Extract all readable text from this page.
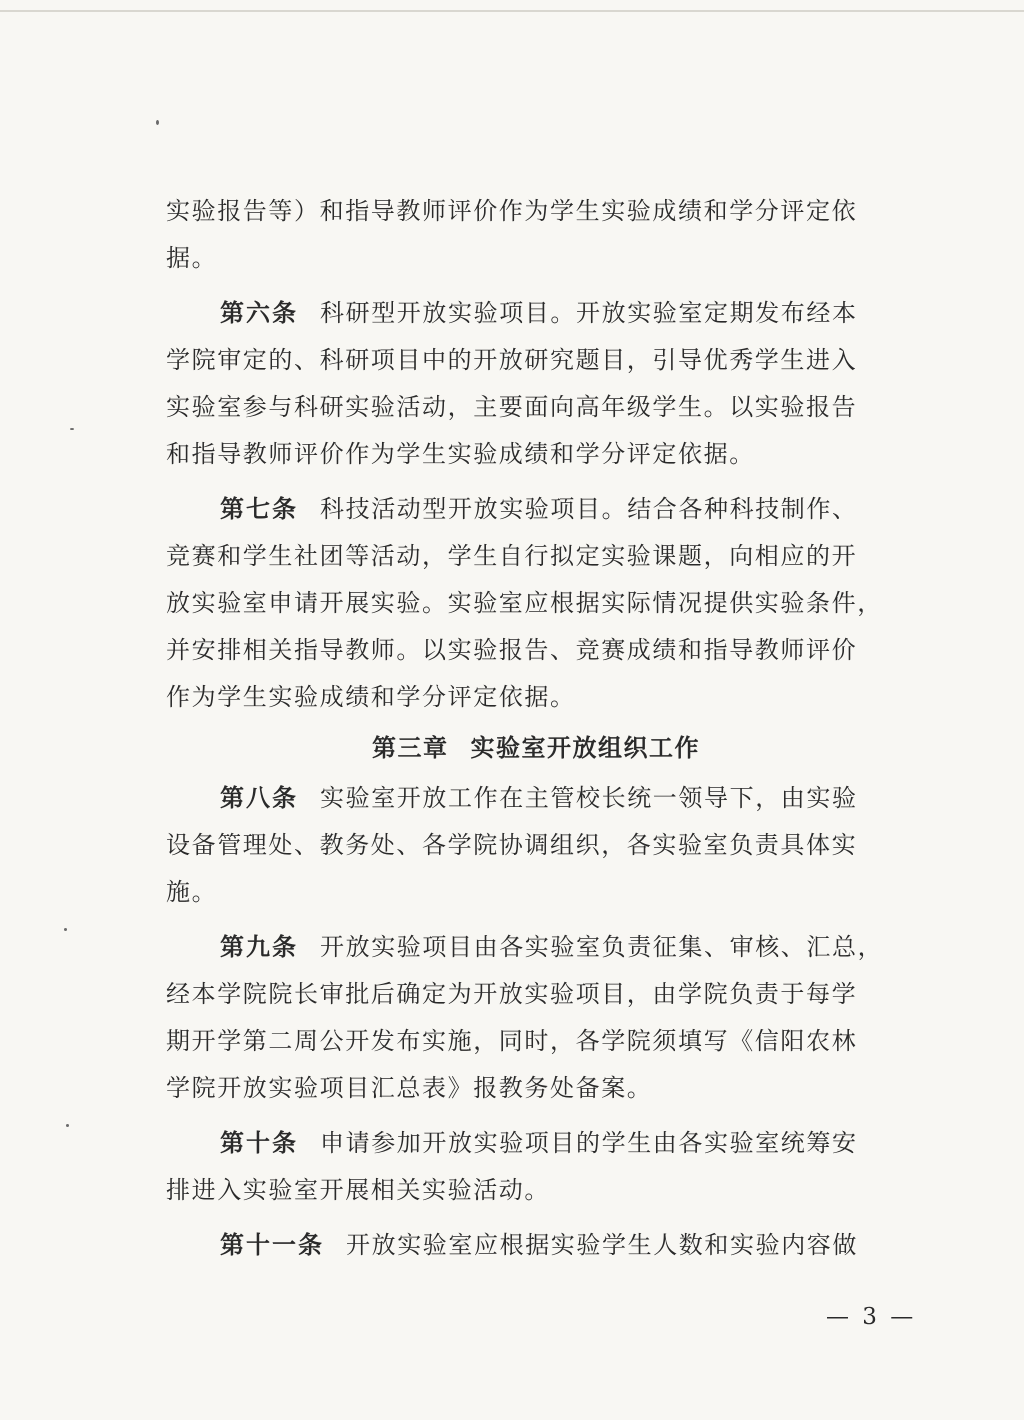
实验报告等）和指导教师评价作为学生实验成绩和学分评定依
据。
第六条 科研型开放实验项目。开放实验室定期发布经本
学院审定的、科研项目中的开放研究题目，引导优秀学生进入
实验室参与科研实验活动，主要面向高年级学生。以实验报告
和指导教师评价作为学生实验成绩和学分评定依据。
第七条 科技活动型开放实验项目。结合各种科技制作、
竞赛和学生社团等活动，学生自行拟定实验课题，向相应的开
放实验室申请开展实验。实验室应根据实际情况提供实验条件，
并安排相关指导教师。以实验报告、竞赛成绩和指导教师评价
作为学生实验成绩和学分评定依据。
第三章 实验室开放组织工作
第八条 实验室开放工作在主管校长统一领导下，由实验
设备管理处、教务处、各学院协调组织，各实验室负责具体实
施。
第九条 开放实验项目由各实验室负责征集、审核、汇总，
经本学院院长审批后确定为开放实验项目，由学院负责于每学
期开学第二周公开发布实施，同时，各学院须填写《信阳农林
学院开放实验项目汇总表》报教务处备案。
第十条 申请参加开放实验项目的学生由各实验室统筹安
排进入实验室开展相关实验活动。
第十一条 开放实验室应根据实验学生人数和实验内容做
— 3 —
